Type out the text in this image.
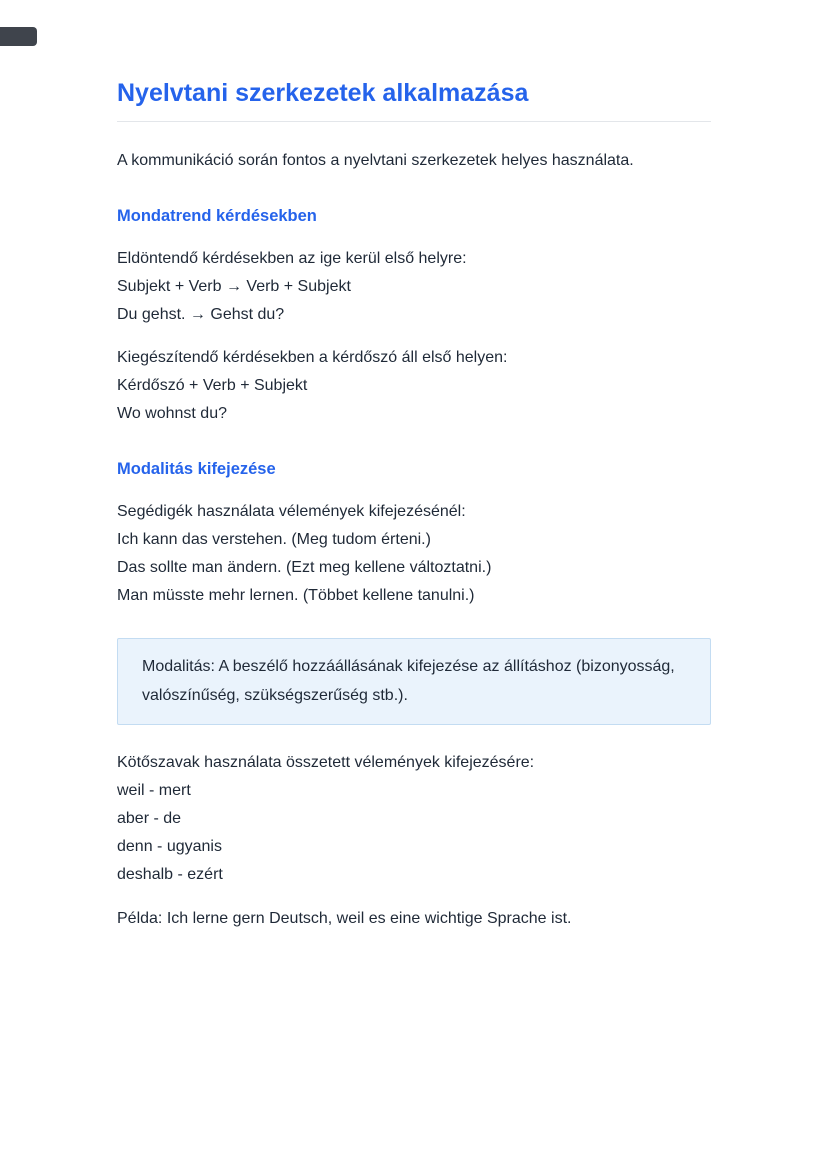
Nyelvtani szerkezetek alkalmazása

A kommunikáció során fontos a nyelvtani szerkezetek helyes használata.

Mondatrend kérdésekben

Eldöntendő kérdésekben az ige kerül első helyre:
Subjekt + Verb → Verb + Subjekt
Du gehst. → Gehst du?

Kiegészítendő kérdésekben a kérdőszó áll első helyen:
Kérdőszó + Verb + Subjekt
Wo wohnst du?

Modalitás kifejezése

Segédigék használata vélemények kifejezésénél:
Ich kann das verstehen. (Meg tudom érteni.)
Das sollte man ändern. (Ezt meg kellene változtatni.)
Man müsste mehr lernen. (Többet kellene tanulni.)

Modalitás: A beszélő hozzáállásának kifejezése az állításhoz (bizonyosság, valószínűség, szükségszerűség stb.).

Kötőszavak használata összetett vélemények kifejezésére:
weil - mert
aber - de
denn - ugyanis
deshalb - ezért

Példa: Ich lerne gern Deutsch, weil es eine wichtige Sprache ist.
